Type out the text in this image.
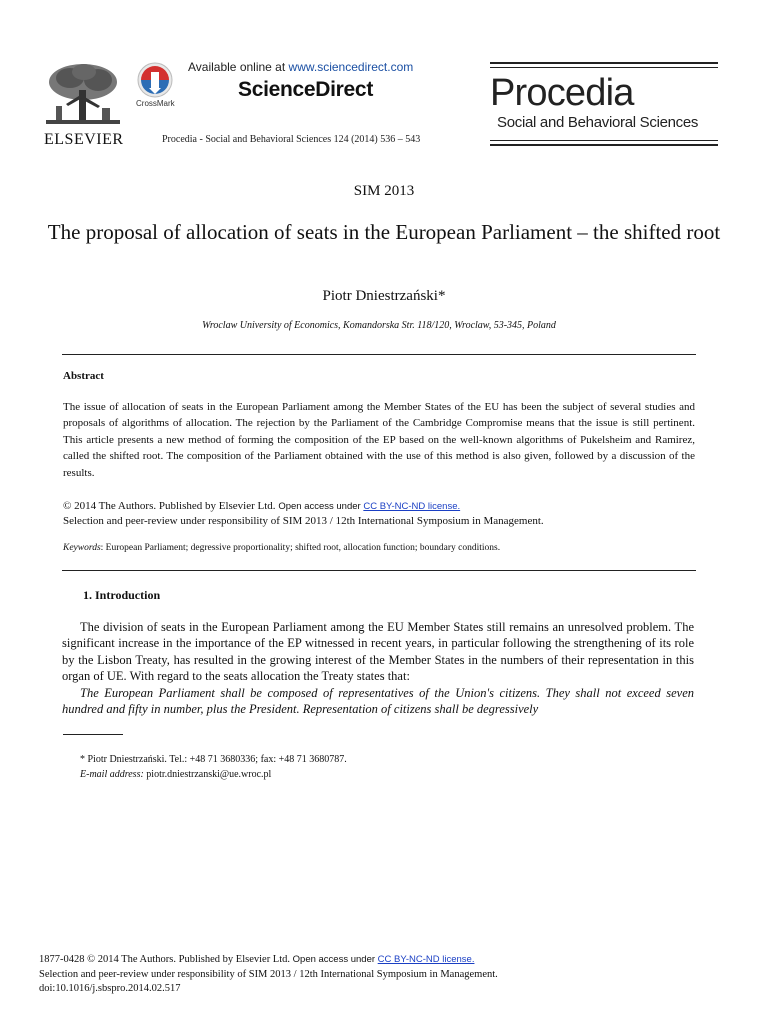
ELSEVIER
CrossMark
Available online at www.sciencedirect.com
ScienceDirect
Procedia - Social and Behavioral Sciences 124 (2014) 536 – 543
Procedia
Social and Behavioral Sciences
SIM 2013
The proposal of allocation of seats in the European Parliament – the shifted root
Piotr Dniestrzański*
Wroclaw University of Economics, Komandorska Str. 118/120, Wroclaw, 53-345, Poland
Abstract
The issue of allocation of seats in the European Parliament among the Member States of the EU has been the subject of several studies and proposals of algorithms of allocation. The rejection by the Parliament of the Cambridge Compromise means that the issue is still pertinent. This article presents a new method of forming the composition of the EP based on the well-known algorithms of Pukelsheim and Ramirez, called the shifted root. The composition of the Parliament obtained with the use of this method is also given, followed by a discussion of the results.
© 2014 The Authors. Published by Elsevier Ltd. Open access under CC BY-NC-ND license.
Selection and peer-review under responsibility of SIM 2013 / 12th International Symposium in Management.
Keywords: European Parliament; degressive proportionality; shifted root, allocation function; boundary conditions.
1. Introduction

The division of seats in the European Parliament among the EU Member States still remains an unresolved problem. The significant increase in the importance of the EP witnessed in recent years, in particular following the strengthening of its role by the Lisbon Treaty, has resulted in the growing interest of the Member States in the numbers of their representation in this organ of UE. With regard to the seats allocation the Treaty states that:

The European Parliament shall be composed of representatives of the Union's citizens. They shall not exceed seven hundred and fifty in number, plus the President. Representation of citizens shall be degressively

* Piotr Dniestrzański. Tel.: +48 71 3680336; fax: +48 71 3680787.
E-mail address: piotr.dniestrzanski@ue.wroc.pl
1877-0428 © 2014 The Authors. Published by Elsevier Ltd. Open access under CC BY-NC-ND license.
Selection and peer-review under responsibility of SIM 2013 / 12th International Symposium in Management.
doi:10.1016/j.sbspro.2014.02.517
